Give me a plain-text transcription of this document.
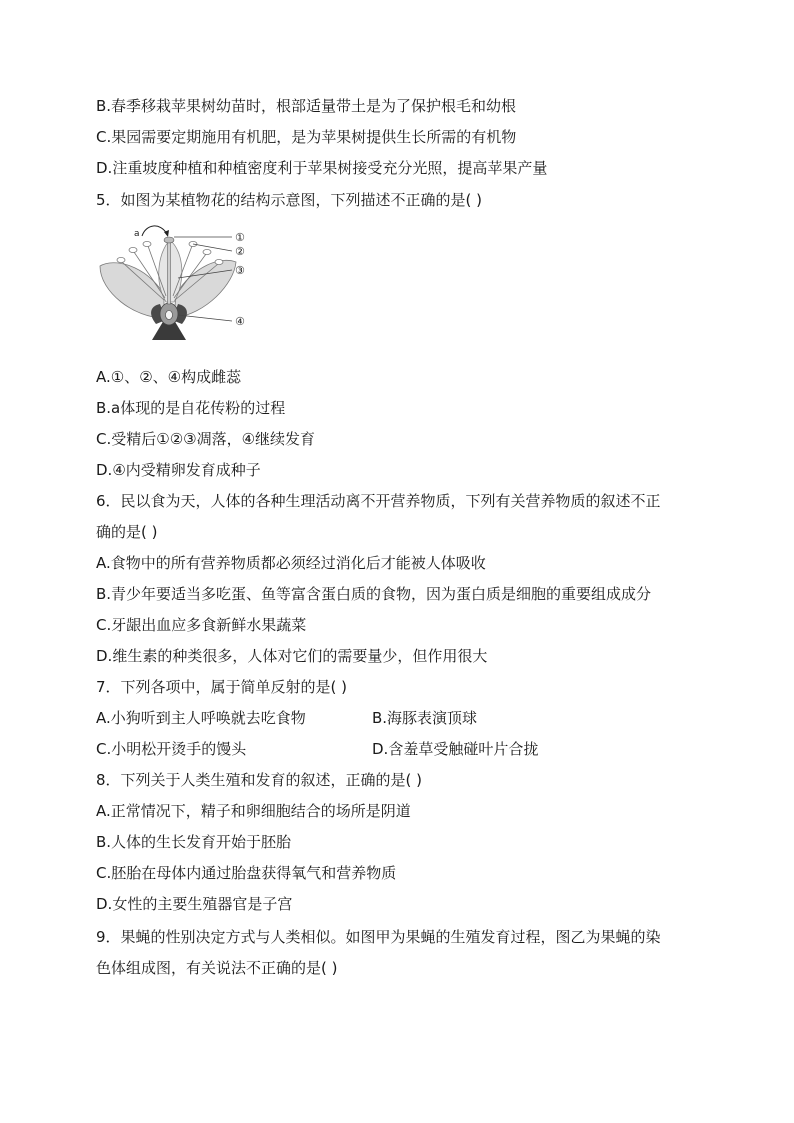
B.春季移栽苹果树幼苗时，根部适量带土是为了保护根毛和幼根
C.果园需要定期施用有机肥，是为苹果树提供生长所需的有机物
D.注重坡度种植和种植密度利于苹果树接受充分光照，提高苹果产量
5．如图为某植物花的结构示意图，下列描述不正确的是( )
a	①
②
③
④
A.①、②、④构成雌蕊
B.a体现的是自花传粉的过程
C.受精后①②③凋落，④继续发育
D.④内受精卵发育成种子
6．民以食为天，人体的各种生理活动离不开营养物质，下列有关营养物质的叙述不正
确的是( )
A.食物中的所有营养物质都必须经过消化后才能被人体吸收
B.青少年要适当多吃蛋、鱼等富含蛋白质的食物，因为蛋白质是细胞的重要组成成分
C.牙龈出血应多食新鲜水果蔬菜
D.维生素的种类很多，人体对它们的需要量少，但作用很大
7．下列各项中，属于简单反射的是( )
A.小狗听到主人呼唤就去吃食物	B.海豚表演顶球
C.小明松开烫手的馒头	D.含羞草受触碰叶片合拢
8．下列关于人类生殖和发育的叙述，正确的是( )
A.正常情况下，精子和卵细胞结合的场所是阴道
B.人体的生长发育开始于胚胎
C.胚胎在母体内通过胎盘获得氧气和营养物质
D.女性的主要生殖器官是子宫
9．果蝇的性别决定方式与人类相似。如图甲为果蝇的生殖发育过程，图乙为果蝇的染
色体组成图，有关说法不正确的是( )
